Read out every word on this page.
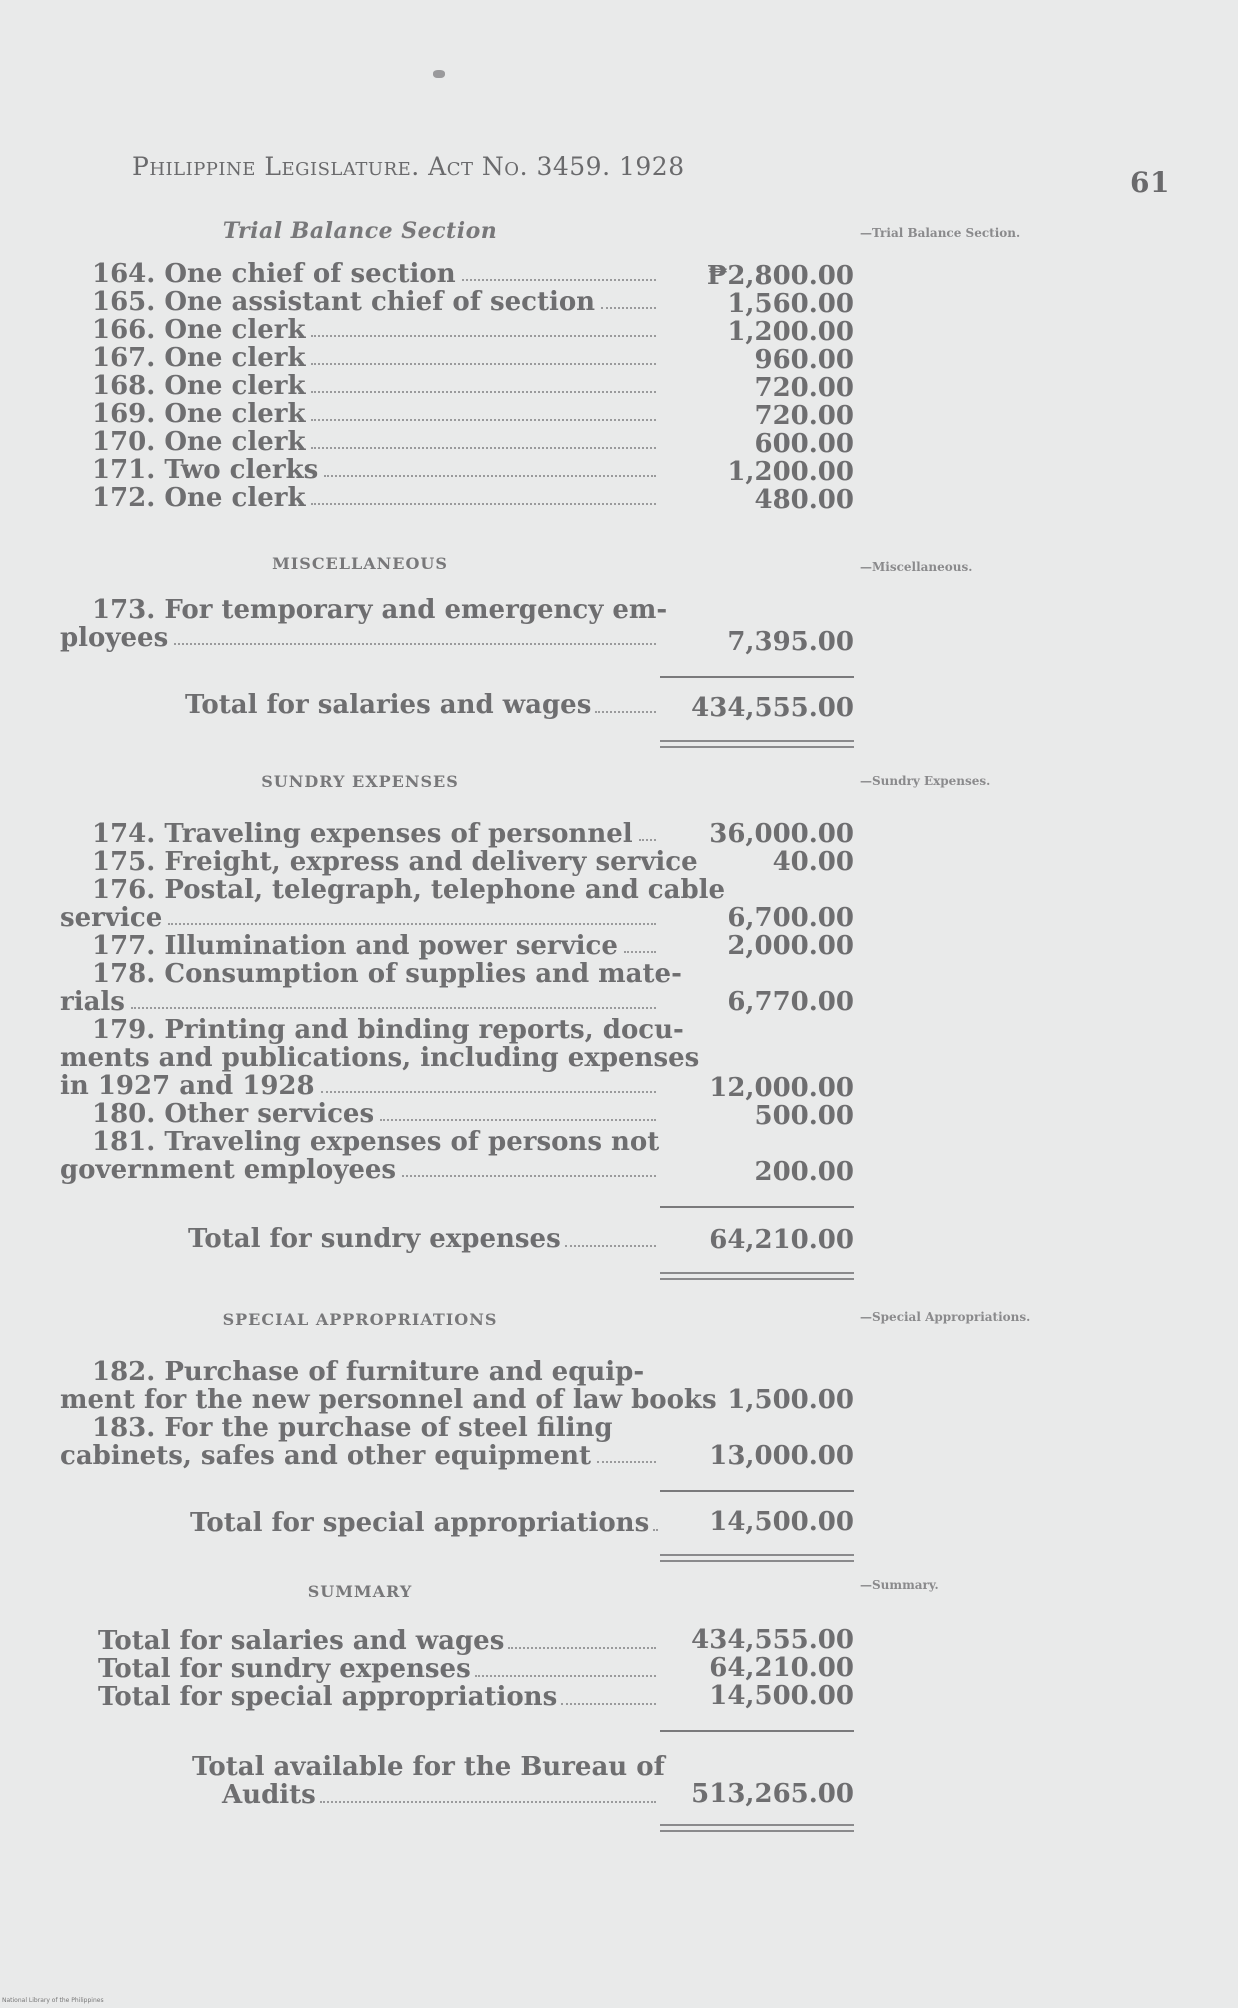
Philippine Legislature. Act No. 3459. 1928	61
Trial Balance Section	—Trial Balance Section.
164. One chief of section	₱2,800.00
165. One assistant chief of section	1,560.00
166. One clerk	1,200.00
167. One clerk	960.00
168. One clerk	720.00
169. One clerk	720.00
170. One clerk	600.00
171. Two clerks	1,200.00
172. One clerk	480.00
MISCELLANEOUS	—Miscellaneous.
173. For temporary and emergency em-
ployees	7,395.00
Total for salaries and wages	434,555.00
SUNDRY EXPENSES	—Sundry Expenses.
174. Traveling expenses of personnel	36,000.00
175. Freight, express and delivery service	40.00
176. Postal, telegraph, telephone and cable
service	6,700.00
177. Illumination and power service	2,000.00
178. Consumption of supplies and mate-
rials	6,770.00
179. Printing and binding reports, docu-
ments and publications, including expenses
in 1927 and 1928	12,000.00
180. Other services	500.00
181. Traveling expenses of persons not
government employees	200.00
Total for sundry expenses	64,210.00
SPECIAL APPROPRIATIONS	—Special Appropriations.
182. Purchase of furniture and equip-
ment for the new personnel and of law books 1,500.00
183. For the purchase of steel filing
cabinets, safes and other equipment	13,000.00
Total for special appropriations	14,500.00
SUMMARY	—Summary.
Total for salaries and wages	434,555.00
Total for sundry expenses	64,210.00
Total for special appropriations	14,500.00
Total available for the Bureau of
Audits	513,265.00
National Library of the Philippines
